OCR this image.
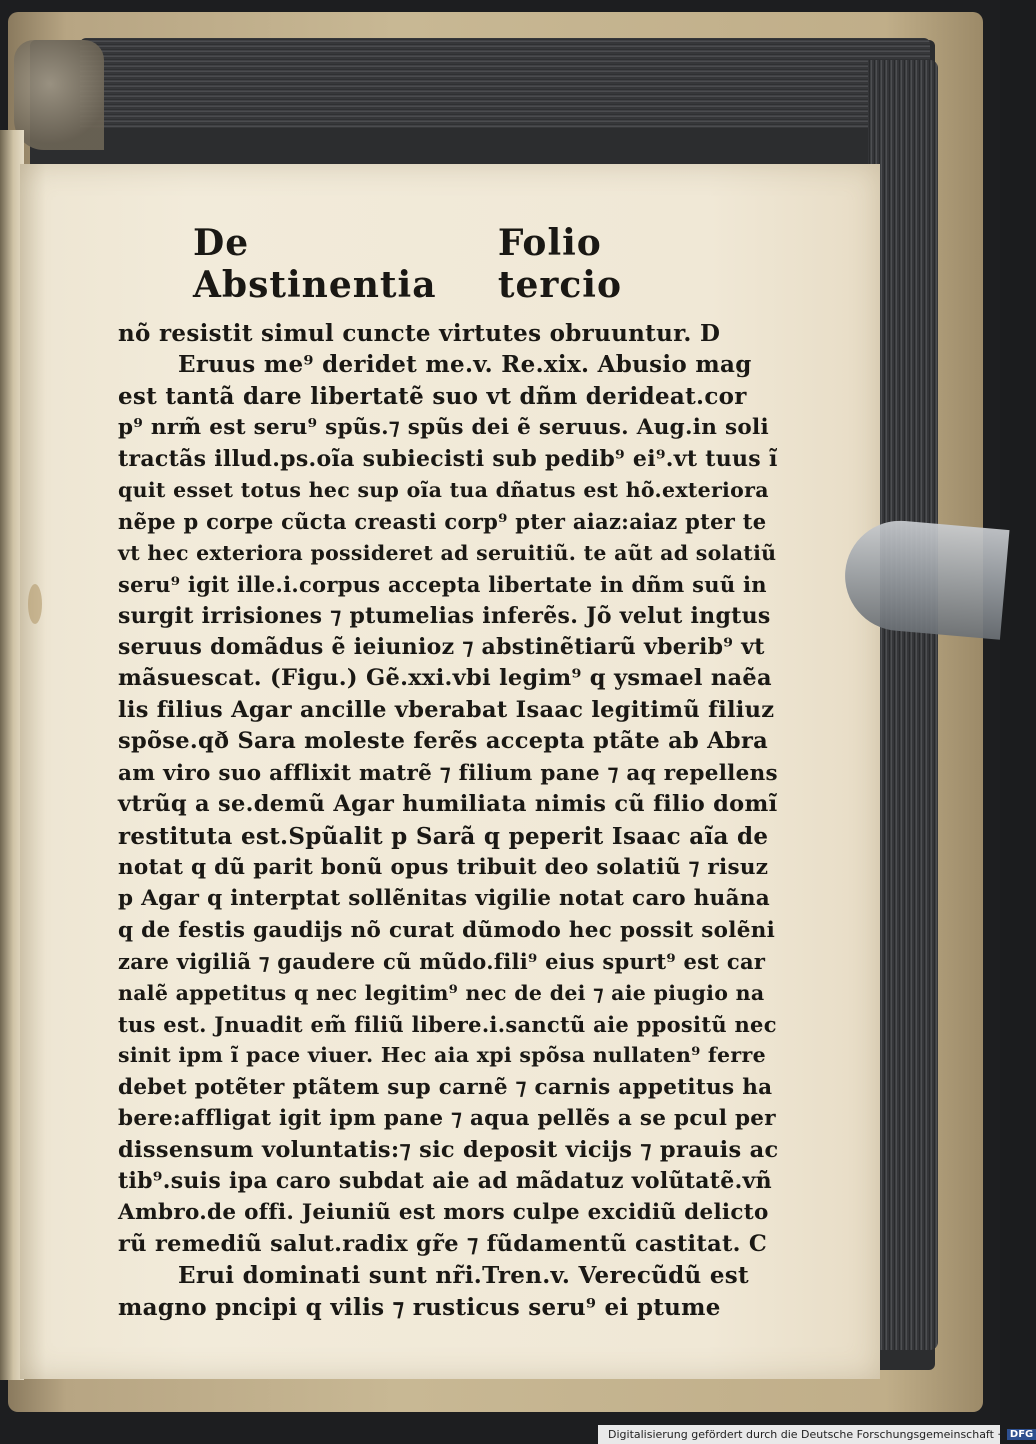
De Abstinentia
Folio tercio
nõ resistit simul cuncte virtutes obruuntur. D
Eruus me⁹ deridet me.v. Re.xix. Abusio mag
est tantã dare libertatẽ suo vt dñm derideat.cor
p⁹ nrm̃ est seru⁹ spũs.⁊ spũs dei ẽ seruus. Aug.in soli
tractãs illud.ps.oĩa subiecisti sub pedib⁹ ei⁹.vt tuus ĩ
quit esset totus hec sup oĩa tua dñatus est hõ.exteriora
nẽpe p corpe cũcta creasti corp⁹ pter aiaz:aiaz pter te
vt hec exteriora possideret ad seruitiũ. te aũt ad solatiũ
seru⁹ igit ille.i.corpus accepta libertate in dñm suũ in
surgit irrisiones ⁊ ptumelias inferẽs. Jõ velut ingtus
seruus domãdus ẽ ieiunioz ⁊ abstinẽtiarũ vberib⁹ vt
mãsuescat. (Figu.) Gẽ.xxi.vbi legim⁹ q ysmael naẽa
lis filius Agar ancille vberabat Isaac legitimũ filiuz
spõse.qð Sara moleste ferẽs accepta ptãte ab Abra
am viro suo afflixit matrẽ ⁊ filium pane ⁊ aq repellens
vtrũq a se.demũ Agar humiliata nimis cũ filio domĩ
restituta est.Spũalit p Sarã q peperit Isaac aĩa de
notat q dũ parit bonũ opus tribuit deo solatiũ ⁊ risuz
p Agar q interptat sollẽnitas vigilie notat caro huãna
q de festis gaudijs nõ curat dũmodo hec possit solẽni
zare vigiliã ⁊ gaudere cũ mũdo.fili⁹ eius spurt⁹ est car
nalẽ appetitus q nec legitim⁹ nec de dei ⁊ aie piugio na
tus est. Jnuadit em̃ filiũ libere.i.sanctũ aie ppositũ nec
sinit ipm ĩ pace viuer. Hec aia xpi spõsa nullaten⁹ ferre
debet potẽter ptãtem sup carnẽ ⁊ carnis appetitus ha
bere:affligat igit ipm pane ⁊ aqua pellẽs a se pcul per
dissensum voluntatis:⁊ sic deposit vicijs ⁊ prauis ac
tib⁹.suis ipa caro subdat aie ad mãdatuz volũtatẽ.vñ
Ambro.de offi. Jeiuniũ est mors culpe excidiũ delicto
rũ remediũ salut.radix gr̃e ⁊ fũdamentũ castitat. C
Erui dominati sunt nr̃i.Tren.v. Verecũdũ est
magno pncipi q vilis ⁊ rusticus seru⁹ ei ptume
Digitalisierung gefördert durch die Deutsche Forschungsgemeinschaft · DFG
